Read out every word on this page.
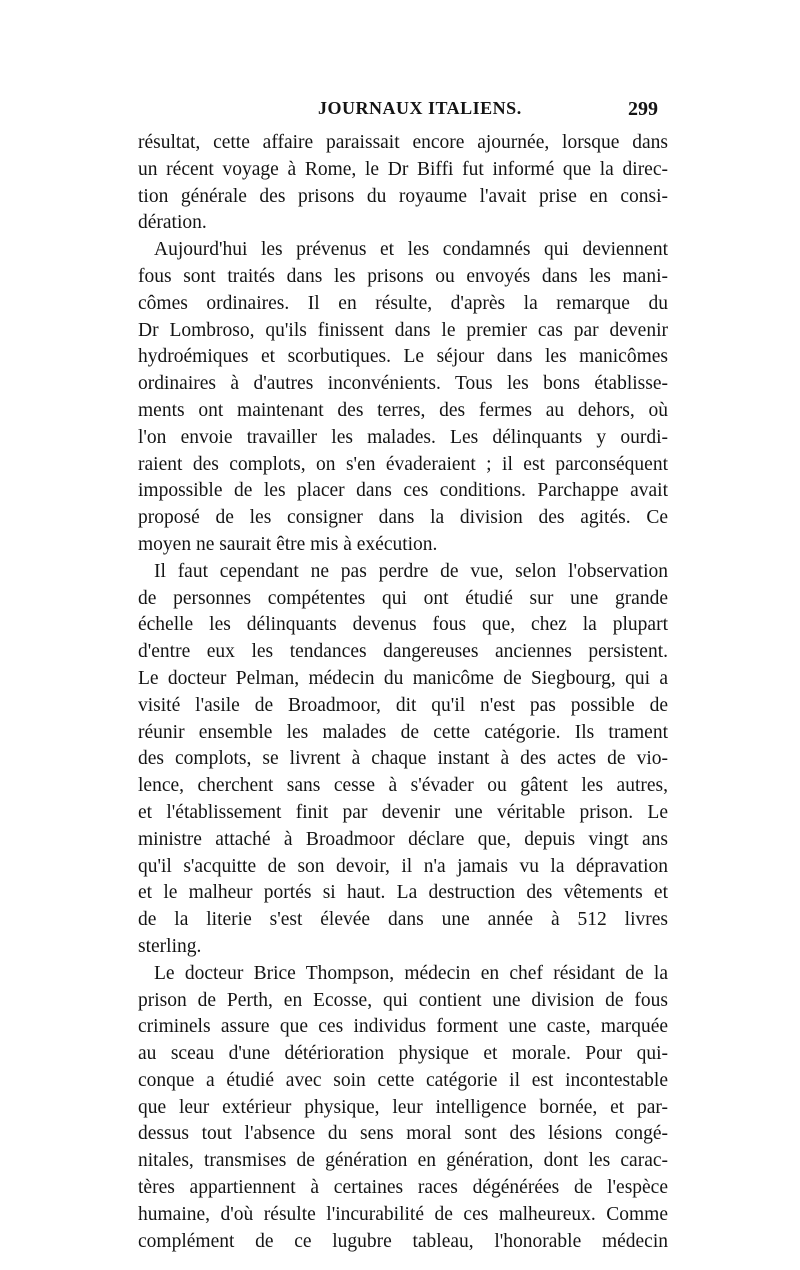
JOURNAUX ITALIENS.	299
résultat, cette affaire paraissait encore ajournée, lorsque dans
un récent voyage à Rome, le Dr Biffi fut informé que la direc-
tion générale des prisons du royaume l'avait prise en consi-
dération.
Aujourd'hui les prévenus et les condamnés qui deviennent
fous sont traités dans les prisons ou envoyés dans les mani-
cômes ordinaires. Il en résulte, d'après la remarque du
Dr Lombroso, qu'ils finissent dans le premier cas par devenir
hydroémiques et scorbutiques. Le séjour dans les manicômes
ordinaires à d'autres inconvénients. Tous les bons établisse-
ments ont maintenant des terres, des fermes au dehors, où
l'on envoie travailler les malades. Les délinquants y ourdi-
raient des complots, on s'en évaderaient ; il est parconséquent
impossible de les placer dans ces conditions. Parchappe avait
proposé de les consigner dans la division des agités. Ce
moyen ne saurait être mis à exécution.
Il faut cependant ne pas perdre de vue, selon l'observation
de personnes compétentes qui ont étudié sur une grande
échelle les délinquants devenus fous que, chez la plupart
d'entre eux les tendances dangereuses anciennes persistent.
Le docteur Pelman, médecin du manicôme de Siegbourg, qui a
visité l'asile de Broadmoor, dit qu'il n'est pas possible de
réunir ensemble les malades de cette catégorie. Ils trament
des complots, se livrent à chaque instant à des actes de vio-
lence, cherchent sans cesse à s'évader ou gâtent les autres,
et l'établissement finit par devenir une véritable prison. Le
ministre attaché à Broadmoor déclare que, depuis vingt ans
qu'il s'acquitte de son devoir, il n'a jamais vu la dépravation
et le malheur portés si haut. La destruction des vêtements et
de la literie s'est élevée dans une année à 512 livres
sterling.
Le docteur Brice Thompson, médecin en chef résidant de la
prison de Perth, en Ecosse, qui contient une division de fous
criminels assure que ces individus forment une caste, marquée
au sceau d'une détérioration physique et morale. Pour qui-
conque a étudié avec soin cette catégorie il est incontestable
que leur extérieur physique, leur intelligence bornée, et par-
dessus tout l'absence du sens moral sont des lésions congé-
nitales, transmises de génération en génération, dont les carac-
tères appartiennent à certaines races dégénérées de l'espèce
humaine, d'où résulte l'incurabilité de ces malheureux. Comme
complément de ce lugubre tableau, l'honorable médecin
